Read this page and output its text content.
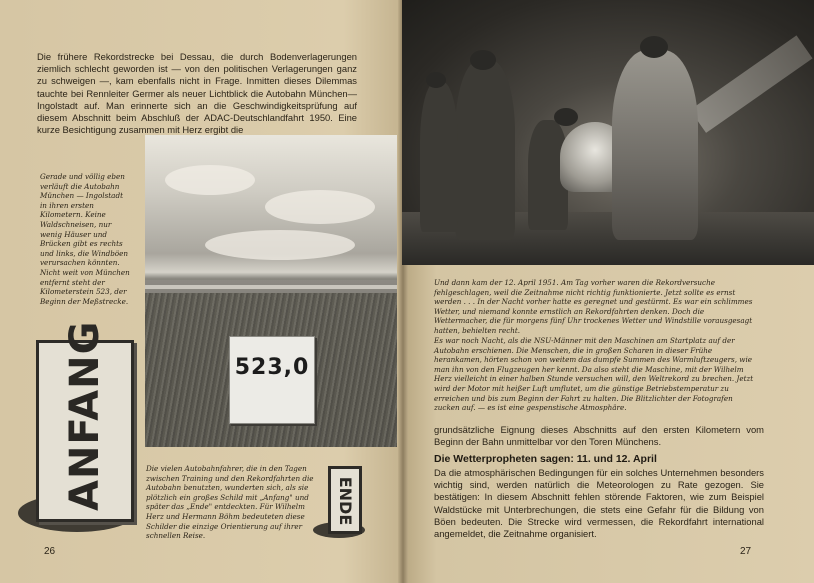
Die frühere Rekordstrecke bei Dessau, die durch Bodenverlagerungen ziemlich schlecht geworden ist — von den politischen Verlagerungen ganz zu schweigen —, kam ebenfalls nicht in Frage. Inmitten dieses Dilemmas tauchte bei Rennleiter Germer als neuer Lichtblick die Autobahn München—Ingolstadt auf. Man erinnerte sich an die Geschwindigkeitsprüfung auf diesem Abschnitt beim Abschluß der ADAC-Deutschlandfahrt 1950. Eine kurze Besichtigung zusammen mit Herz ergibt die

523,0

Gerade und völlig eben verläuft die Autobahn München — Ingolstadt in ihren ersten Kilometern. Keine Waldschneisen, nur wenig Häuser und Brücken gibt es rechts und links, die Windböen verursachen könnten. Nicht weit von München entfernt steht der Kilometerstein 523, der Beginn der Meßstrecke.

ANFANG	Die vielen Autobahnfahrer, die in den Tagen zwischen Training und den Rekordfahrten die Autobahn benutzten, wunderten sich, als sie plötzlich ein großes Schild mit „Anfang" und später das „Ende" entdeckten. Für Wilhelm Herz und Hermann Böhm bedeuteten diese Schilder die einzige Orientierung auf ihrer schnellen Reise.

ENDE
26

Und dann kam der 12. April 1951. Am Tag vorher waren die Rekordversuche fehlgeschlagen, weil die Zeitnahme nicht richtig funktionierte. Jetzt sollte es ernst werden . . . In der Nacht vorher hatte es geregnet und gestürmt. Es war ein schlimmes Wetter, und niemand konnte ernstlich an Rekordfahrten denken. Doch die Wettermacher, die für morgens fünf Uhr trockenes Wetter und Windstille vorausgesagt hatten, behielten recht.

Es war noch Nacht, als die NSU-Männer mit den Maschinen am Startplatz auf der Autobahn erschienen. Die Menschen, die in großen Scharen in dieser Frühe herankamen, hörten schon von weitem das dumpfe Summen des Warmluftzeugers, wie man ihn von den Flugzeugen her kennt. Da also steht die Maschine, mit der Wilhelm Herz vielleicht in einer halben Stunde versuchen will, den Weltrekord zu brechen. Jetzt wird der Motor mit heißer Luft umflutet, um die günstige Betriebstemperatur zu erreichen und bis zum Beginn der Fahrt zu halten. Die Blitzlichter der Fotografen zucken auf. — es ist eine gespenstische Atmosphäre.

grundsätzliche Eignung dieses Abschnitts auf den ersten Kilometern vom Beginn der Bahn unmittelbar vor den Toren Münchens.

Die Wetterpropheten sagen: 11. und 12. April

Da die atmosphärischen Bedingungen für ein solches Unternehmen besonders wichtig sind, werden natürlich die Meteorologen zu Rate gezogen. Sie bestätigen: In diesem Abschnitt fehlen störende Faktoren, wie zum Beispiel Waldstücke mit Unterbrechungen, die stets eine Gefahr für die Bildung von Böen bedeuten. Die Strecke wird vermessen, die Rekordfahrt international angemeldet, die Zeitnahme organisiert.

27
